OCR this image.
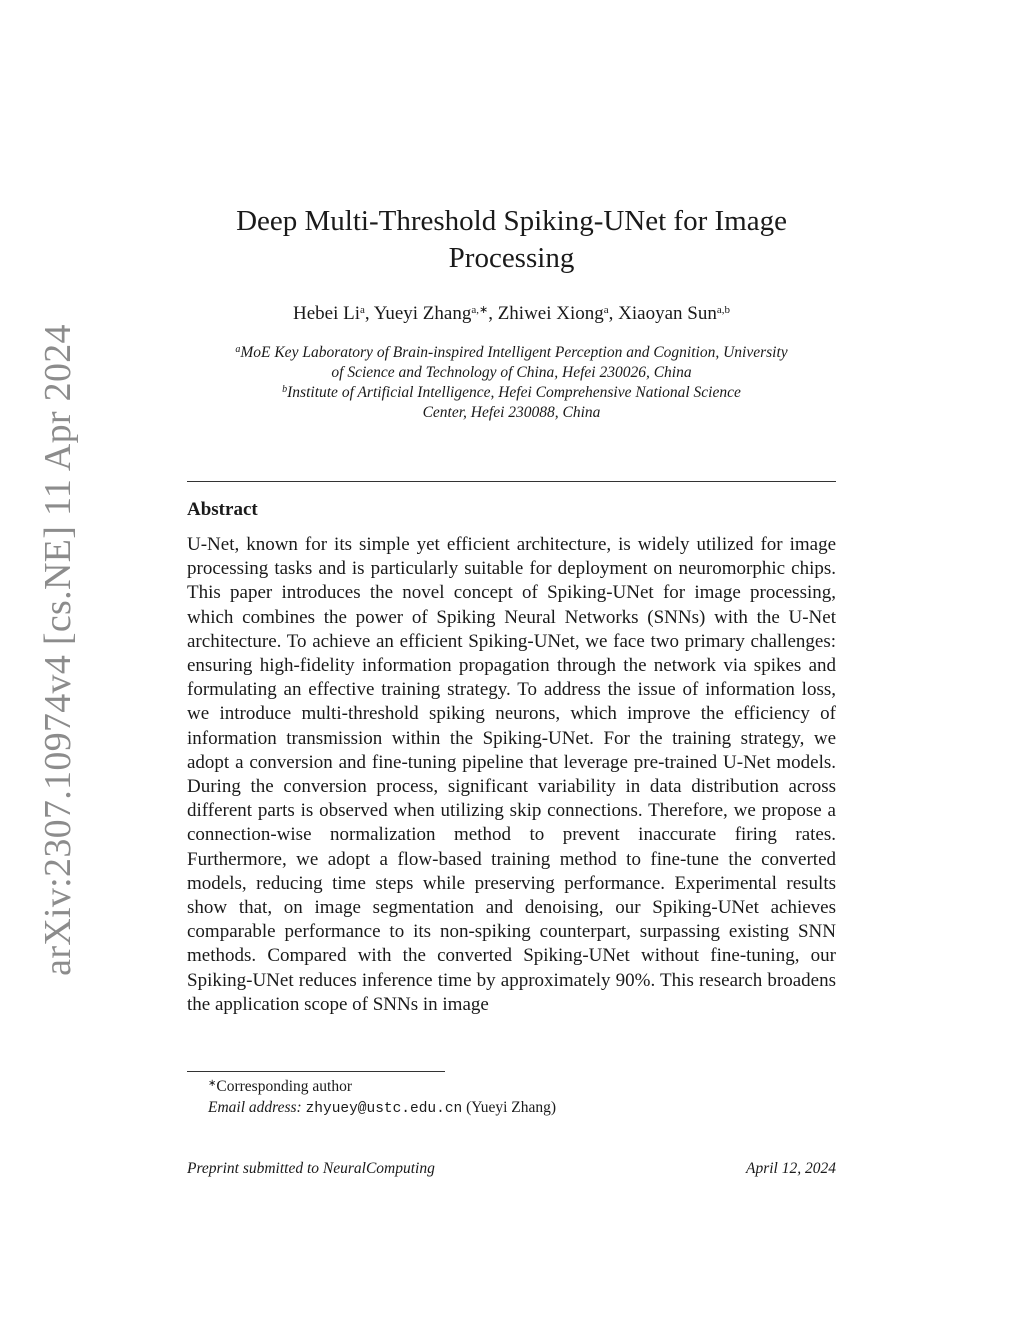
arXiv:2307.10974v4 [cs.NE] 11 Apr 2024
Deep Multi-Threshold Spiking-UNet for Image
Processing
Hebei Li$^a$, Yueyi Zhang$^{a,∗}$, Zhiwei Xiong$^a$, Xiaoyan Sun$^{a,b}$
$^a$MoE Key Laboratory of Brain-inspired Intelligent Perception and Cognition, University
of Science and Technology of China, Hefei 230026, China
$^b$Institute of Artificial Intelligence, Hefei Comprehensive National Science
Center, Hefei 230088, China
Abstract
U-Net, known for its simple yet efficient architecture, is widely utilized for image processing tasks and is particularly suitable for deployment on neuromorphic chips. This paper introduces the novel concept of Spiking-UNet for image processing, which combines the power of Spiking Neural Networks (SNNs) with the U-Net architecture. To achieve an efficient Spiking-UNet, we face two primary challenges: ensuring high-fidelity information propagation through the network via spikes and formulating an effective training strategy. To address the issue of information loss, we introduce multi-threshold spiking neurons, which improve the efficiency of information transmission within the Spiking-UNet. For the training strategy, we adopt a conversion and fine-tuning pipeline that leverage pre-trained U-Net models. During the conversion process, significant variability in data distribution across different parts is observed when utilizing skip connections. Therefore, we propose a connection-wise normalization method to prevent inaccurate firing rates. Furthermore, we adopt a flow-based training method to fine-tune the converted models, reducing time steps while preserving performance. Experimental results show that, on image segmentation and denoising, our Spiking-UNet achieves comparable performance to its non-spiking counterpart, surpassing existing SNN methods. Compared with the converted Spiking-UNet without fine-tuning, our Spiking-UNet reduces inference time by approximately 90%. This research broadens the application scope of SNNs in image
∗Corresponding author
Email address: zhyuey@ustc.edu.cn (Yueyi Zhang)
Preprint submitted to NeuralComputing	April 12, 2024
